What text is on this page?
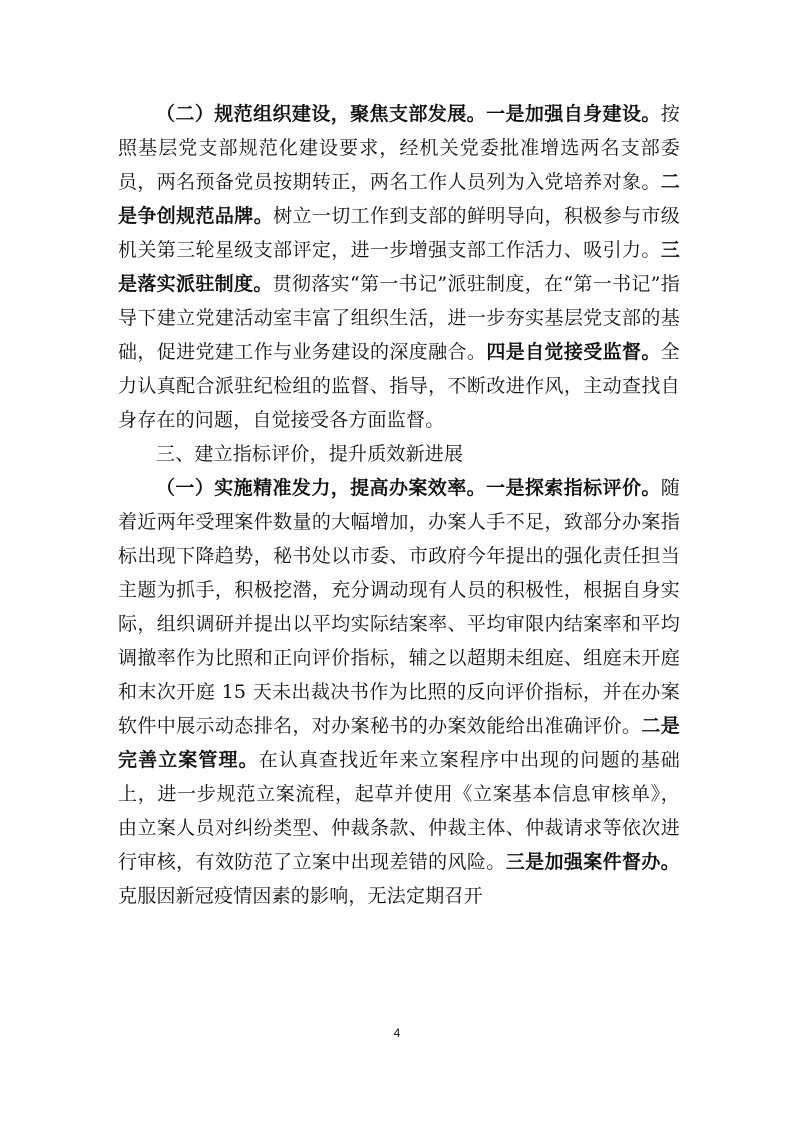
（二）规范组织建设，聚焦支部发展。一是加强自身建设。按照基层党支部规范化建设要求，经机关党委批准增选两名支部委员，两名预备党员按期转正，两名工作人员列为入党培养对象。二是争创规范品牌。树立一切工作到支部的鲜明导向，积极参与市级机关第三轮星级支部评定，进一步增强支部工作活力、吸引力。三是落实派驻制度。贯彻落实“第一书记”派驻制度，在“第一书记”指导下建立党建活动室丰富了组织生活，进一步夯实基层党支部的基础，促进党建工作与业务建设的深度融合。四是自觉接受监督。全力认真配合派驻纪检组的监督、指导，不断改进作风，主动查找自身存在的问题，自觉接受各方面监督。

三、建立指标评价，提升质效新进展

（一）实施精准发力，提高办案效率。一是探索指标评价。随着近两年受理案件数量的大幅增加，办案人手不足，致部分办案指标出现下降趋势，秘书处以市委、市政府今年提出的强化责任担当主题为抓手，积极挖潜，充分调动现有人员的积极性，根据自身实际，组织调研并提出以平均实际结案率、平均审限内结案率和平均调撤率作为比照和正向评价指标，辅之以超期未组庭、组庭未开庭和末次开庭 15 天未出裁决书作为比照的反向评价指标，并在办案软件中展示动态排名，对办案秘书的办案效能给出准确评价。二是完善立案管理。在认真查找近年来立案程序中出现的问题的基础上，进一步规范立案流程，起草并使用《立案基本信息审核单》，由立案人员对纠纷类型、仲裁条款、仲裁主体、仲裁请求等依次进行审核，有效防范了立案中出现差错的风险。三是加强案件督办。克服因新冠疫情因素的影响，无法定期召开

4
